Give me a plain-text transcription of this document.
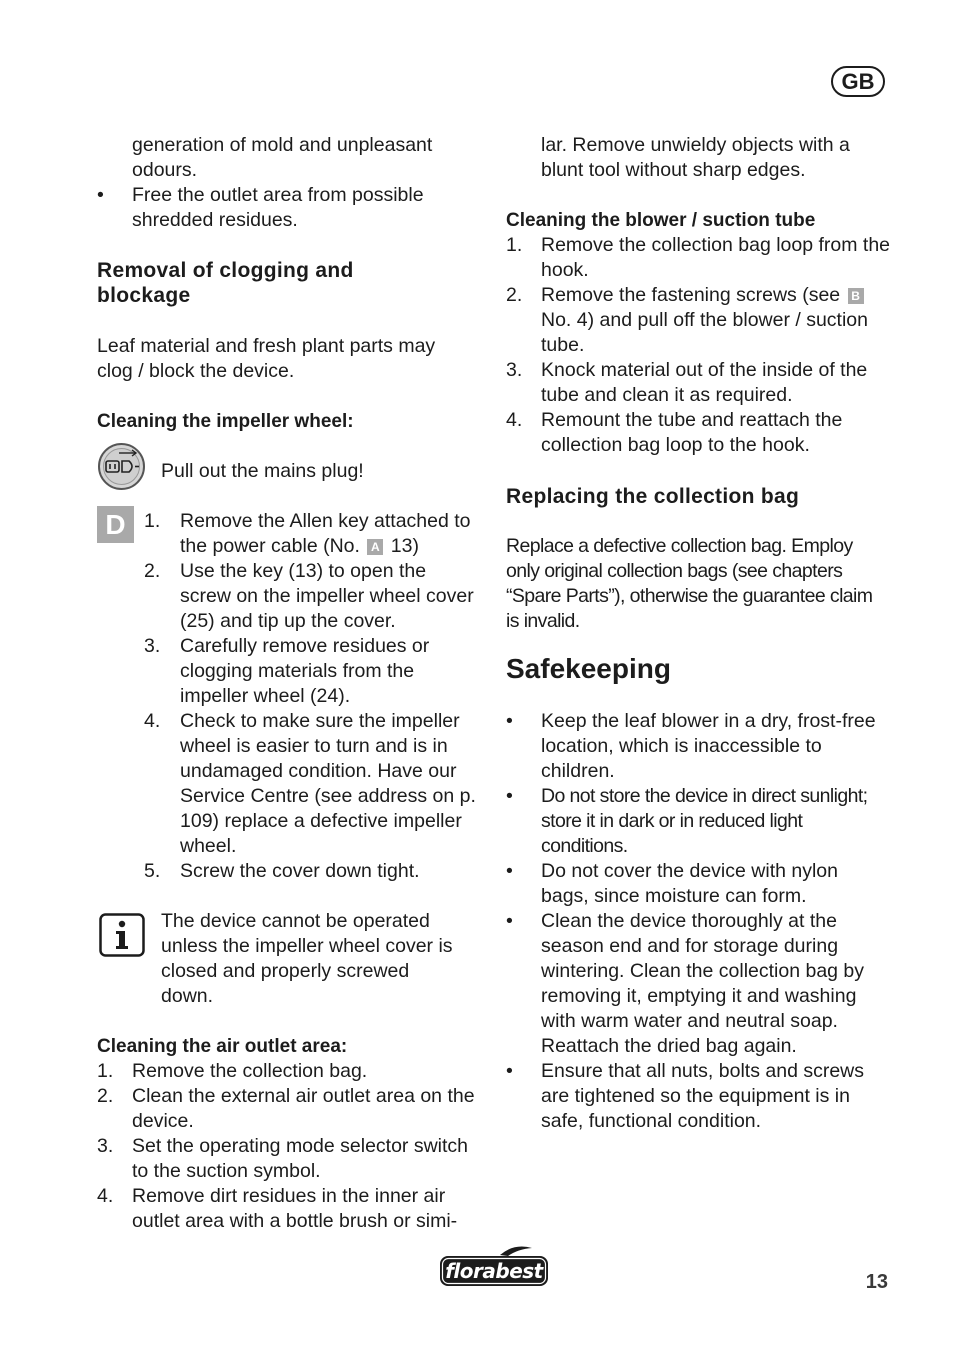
GB
generation of mold and unpleasant odours.
• Free the outlet area from possible shredded residues.
Removal of clogging and blockage
Leaf material and fresh plant parts may clog / block the device.
Cleaning the impeller wheel:
Pull out the mains plug!
D 1. Remove the Allen key attached to the power cable (No. A 13)
2. Use the key (13) to open the screw on the impeller wheel cover (25) and tip up the cover.
3. Carefully remove residues or clogging materials from the impeller wheel (24).
4. Check to make sure the impeller wheel is easier to turn and is in undamaged condition. Have our Service Centre (see address on p. 109) replace a defective impeller wheel.
5. Screw the cover down tight.
The device cannot be operated unless the impeller wheel cover is closed and properly screwed down.
Cleaning the air outlet area:
1. Remove the collection bag.
2. Clean the external air outlet area on the device.
3. Set the operating mode selector switch to the suction symbol.
4. Remove dirt residues in the inner air outlet area with a bottle brush or simi-
lar. Remove unwieldy objects with a blunt tool without sharp edges.
Cleaning the blower / suction tube
1. Remove the collection bag loop from the hook.
2. Remove the fastening screws (see B No. 4) and pull off the blower / suction tube.
3. Knock material out of the inside of the tube and clean it as required.
4. Remount the tube and reattach the collection bag loop to the hook.
Replacing the collection bag
Replace a defective collection bag. Employ only original collection bags (see chapters “Spare Parts”), otherwise the guarantee claim is invalid.
Safekeeping
• Keep the leaf blower in a dry, frost-free location, which is inaccessible to children.
• Do not store the device in direct sunlight; store it in dark or in reduced light conditions.
• Do not cover the device with nylon bags, since moisture can form.
• Clean the device thoroughly at the season end and for storage during wintering. Clean the collection bag by removing it, emptying it and washing with warm water and neutral soap. Reattach the dried bag again.
• Ensure that all nuts, bolts and screws are tightened so the equipment is in safe, functional condition.
florabest	13
